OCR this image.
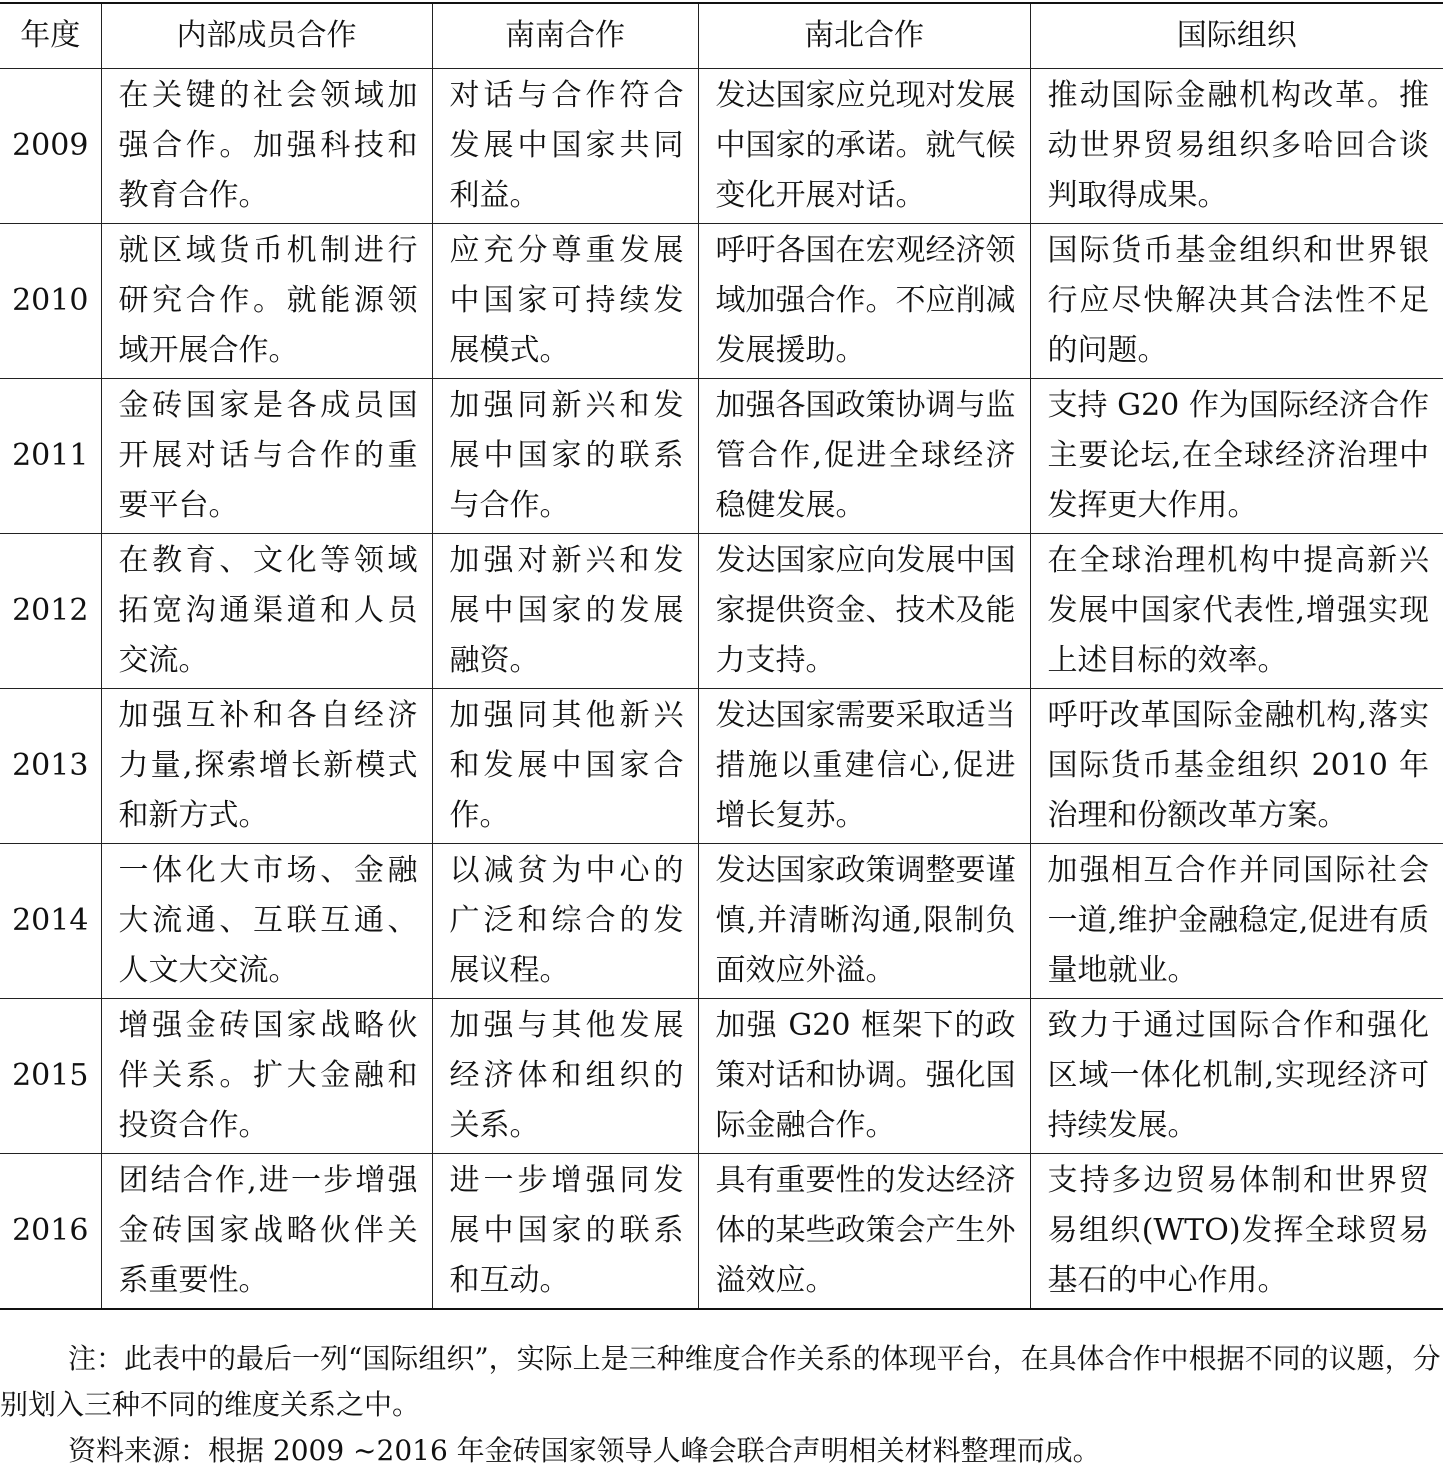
年度	内部成员合作	南南合作	南北合作	国际组织
2009	在关键的社会领域加强合作。加强科技和教育合作。	对话与合作符合发展中国家共同利益。	发达国家应兑现对发展中国家的承诺。就气候变化开展对话。	推动国际金融机构改革。推动世界贸易组织多哈回合谈判取得成果。
2010	就区域货币机制进行研究合作。就能源领域开展合作。	应充分尊重发展中国家可持续发展模式。	呼吁各国在宏观经济领域加强合作。不应削减发展援助。	国际货币基金组织和世界银行应尽快解决其合法性不足的问题。
2011	金砖国家是各成员国开展对话与合作的重要平台。	加强同新兴和发展中国家的联系与合作。	加强各国政策协调与监管合作,促进全球经济稳健发展。	支持 G20 作为国际经济合作主要论坛,在全球经济治理中发挥更大作用。
2012	在教育、文化等领域拓宽沟通渠道和人员交流。	加强对新兴和发展中国家的发展融资。	发达国家应向发展中国家提供资金、技术及能力支持。	在全球治理机构中提高新兴发展中国家代表性,增强实现上述目标的效率。
2013	加强互补和各自经济力量,探索增长新模式和新方式。	加强同其他新兴和发展中国家合作。	发达国家需要采取适当措施以重建信心,促进增长复苏。	呼吁改革国际金融机构,落实国际货币基金组织 2010 年治理和份额改革方案。
2014	一体化大市场、金融大流通、互联互通、人文大交流。	以减贫为中心的广泛和综合的发展议程。	发达国家政策调整要谨慎,并清晰沟通,限制负面效应外溢。	加强相互合作并同国际社会一道,维护金融稳定,促进有质量地就业。
2015	增强金砖国家战略伙伴关系。扩大金融和投资合作。	加强与其他发展经济体和组织的关系。	加强 G20 框架下的政策对话和协调。强化国际金融合作。	致力于通过国际合作和强化区域一体化机制,实现经济可持续发展。
2016	团结合作,进一步增强金砖国家战略伙伴关系重要性。	进一步增强同发展中国家的联系和互动。	具有重要性的发达经济体的某些政策会产生外溢效应。	支持多边贸易体制和世界贸易组织(WTO)发挥全球贸易基石的中心作用。

注：此表中的最后一列“国际组织”，实际上是三种维度合作关系的体现平台，在具体合作中根据不同的议题，分别划入三种不同的维度关系之中。

资料来源：根据 2009 ~2016 年金砖国家领导人峰会联合声明相关材料整理而成。
